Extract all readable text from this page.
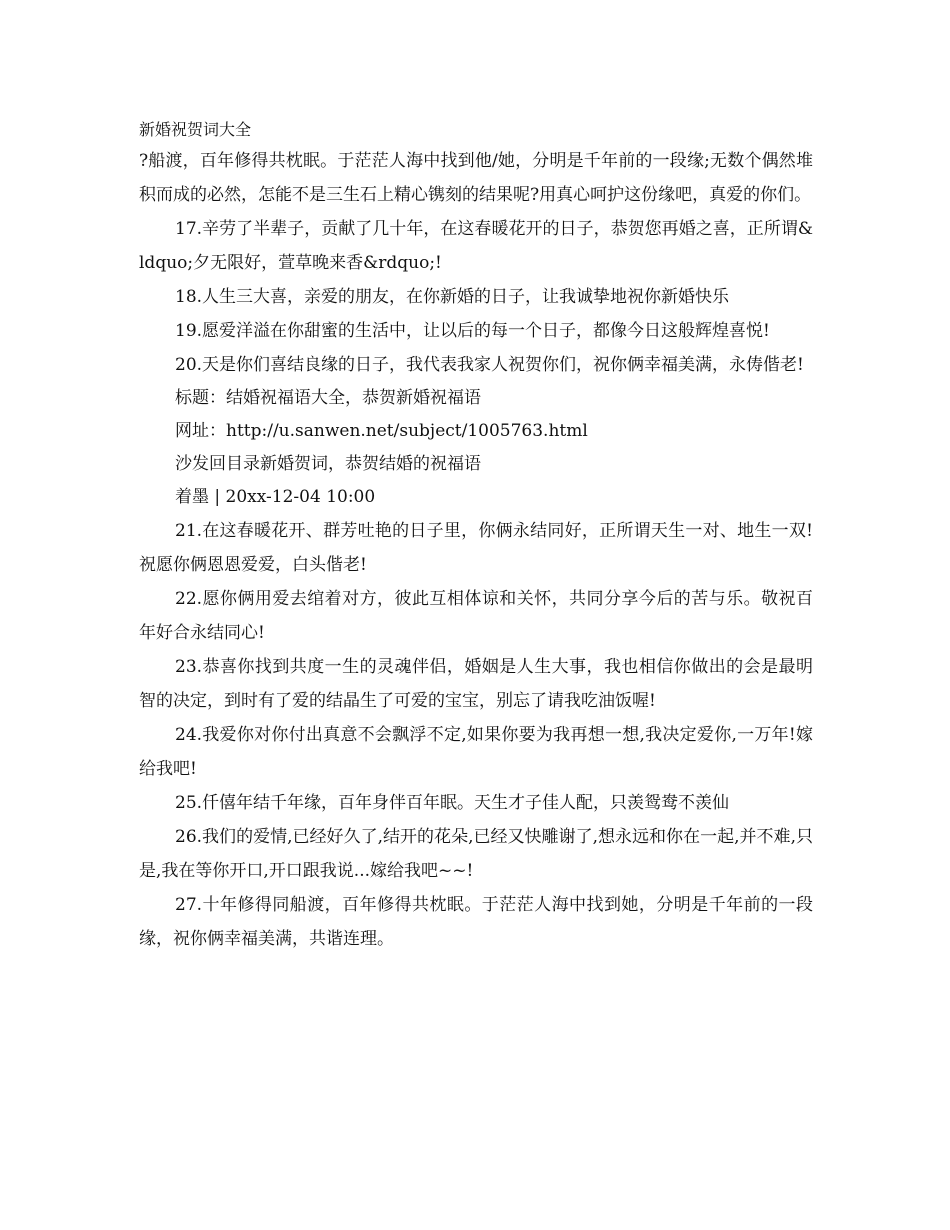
新婚祝贺词大全

?船渡，百年修得共枕眠。于茫茫人海中找到他/她，分明是千年前的一段缘;无数个偶然堆积而成的必然，怎能不是三生石上精心镌刻的结果呢?用真心呵护这份缘吧，真爱的你们。

17.辛劳了半辈子，贡献了几十年，在这春暖花开的日子，恭贺您再婚之喜，正所谓&ldquo;夕无限好，萱草晚来香&rdquo;!

18.人生三大喜，亲爱的朋友，在你新婚的日子，让我诚挚地祝你新婚快乐

19.愿爱洋溢在你甜蜜的生活中，让以后的每一个日子，都像今日这般辉煌喜悦!

20.天是你们喜结良缘的日子，我代表我家人祝贺你们，祝你俩幸福美满，永俦偕老!

标题：结婚祝福语大全，恭贺新婚祝福语

网址：http://u.sanwen.net/subject/1005763.html

沙发回目录新婚贺词，恭贺结婚的祝福语

着墨 | 20xx-12-04 10:00

21.在这春暖花开、群芳吐艳的日子里，你俩永结同好，正所谓天生一对、地生一双!祝愿你俩恩恩爱爱，白头偕老!

22.愿你俩用爱去绾着对方，彼此互相体谅和关怀，共同分享今后的苦与乐。敬祝百年好合永结同心!

23.恭喜你找到共度一生的灵魂伴侣，婚姻是人生大事，我也相信你做出的会是最明智的决定，到时有了爱的结晶生了可爱的宝宝，别忘了请我吃油饭喔!

24.我爱你对你付出真意不会飘浮不定,如果你要为我再想一想,我决定爱你,一万年!嫁给我吧!

25.仟僖年结千年缘，百年身伴百年眠。天生才子佳人配，只羡鸳鸯不羡仙

26.我们的爱情,已经好久了,结开的花朵,已经又快雕谢了,想永远和你在一起,并不难,只是,我在等你开口,开口跟我说...嫁给我吧~~!

27.十年修得同船渡，百年修得共枕眠。于茫茫人海中找到她，分明是千年前的一段缘，祝你俩幸福美满，共谐连理。
